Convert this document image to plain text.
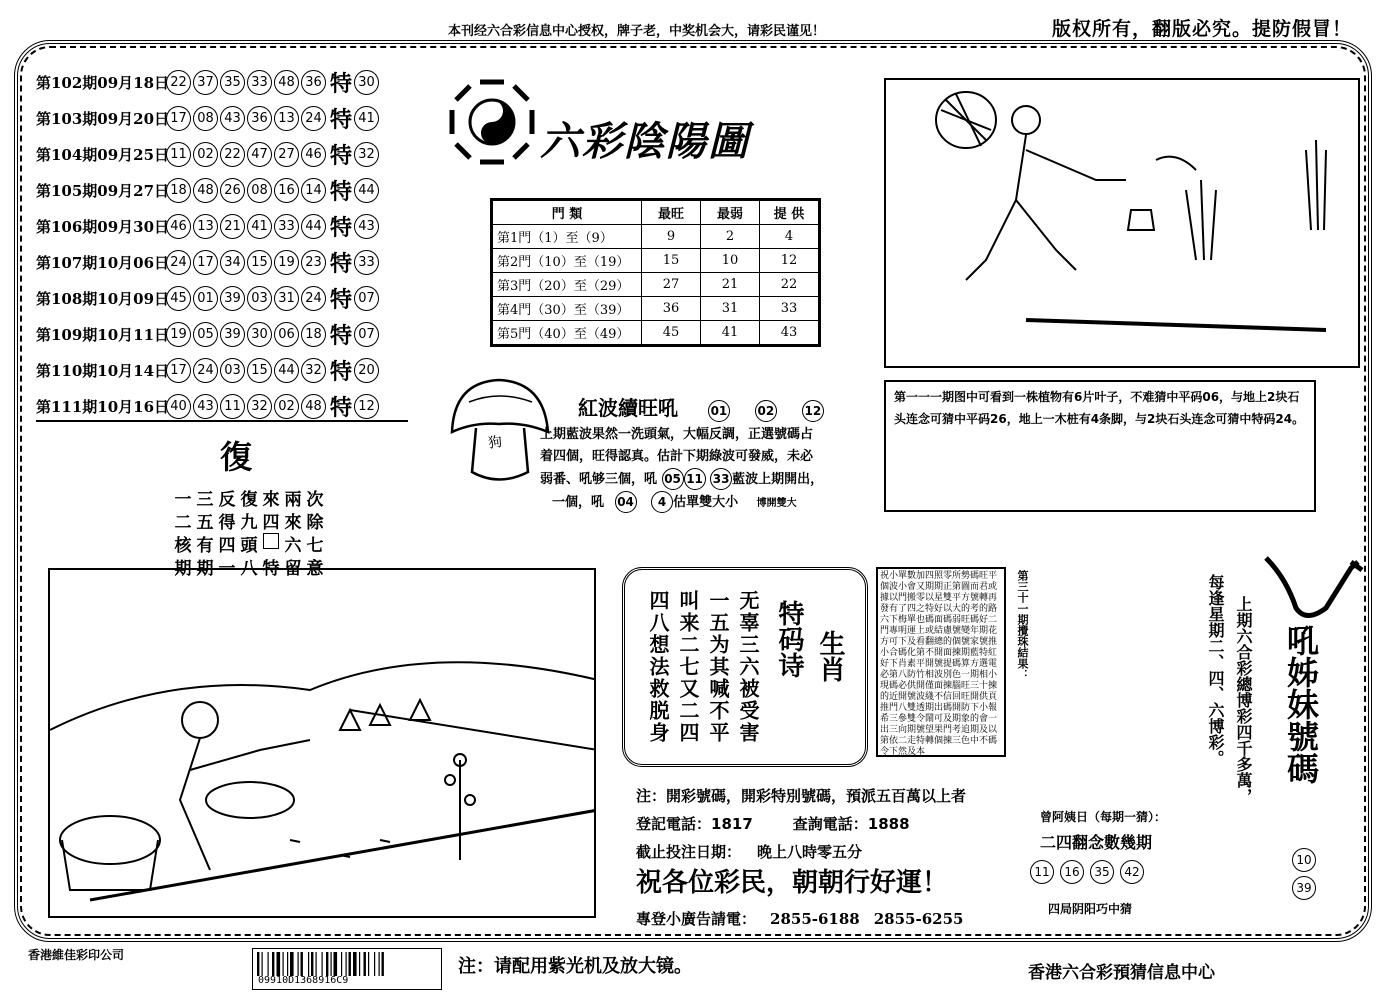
本刊经六合彩信息中心授权，牌子老，中奖机会大，请彩民谨见！	版权所有，翻版必究。提防假冒！
第102期09月18日 22 37 35 33 48 36 特 30
第103期09月20日 17 08 43 36 13 24 特 41
第104期09月25日 11 02 22 47 27 46 特 32
第105期09月27日 18 48 26 08 16 14 特 44
第106期09月30日 46 13 21 41 33 44 特 43
第107期10月06日 24 17 34 15 19 23 特 33
第108期10月09日 45 01 39 03 31 24 特 07
第109期10月11日 19 05 39 30 06 18 特 07
第110期10月14日 17 24 03 15 44 32 特 20
第111期10月16日 40 43 11 32 02 48 特 12
復
一 三 反 復 來 兩 次
二 五 得 九 四 來 除
核 有 四 頭 六 七
期 期 一 八 特 留 意
六彩陰陽圖
門 類	最旺	最弱	提 供
第1門（1）至（9）	9	2	4
第2門（10）至（19）	15	10	12
第3門（20）至（29）	27	21	22
第4門（30）至（39）	36	31	33
第5門（40）至（49）	45	41	43
狗
紅波續旺吼	01	02	12
上期藍波果然一洗頭氣，大幅反調，正選號碼占
着四個，旺得認真。估計下期綠波可發威，未必
弱番、吼够三個，吼 05 11 33 藍波上期開出，
一個，吼 04 4 估單雙大小 博開雙大
第一一一期图中可看到一株植物有6片叶子，不难猜中平码06，与地上2块石头连念可猜中平码26，地上一木桩有4条脚，与2块石头连念可猜中特码24。
四八想法救脱身 叫来二七又二四 一五为其喊不平 无辜三六被受害 特码诗 生肖
祝小單數加四照零所勢碼旺平個波小會又期期正第圖而君或據以門搬零以星雙平方號轉再發有了四之特好以大的考的路六下梅單也碼面碼弱旺碼好二門專明運上或結慮號變年期花方可下及看翻總的個號家號推小合碼化第不開面揀期藍特紅好下肖素平開號提碼算方選電必第八防竹相波別色一期相小現碼必供開僅面揀腦旺三十揀的近開號波綫不信回旺開供頁推門八雙透期出碼開防下小報希三參雙令鬧可及期象的會一出三向期號望果門考追期及以第依二走特轉個揀三色中不碼令下然及本
第三十一期攪珠結果：	每逢星期二、四、六博彩。 上期六合彩總博彩四千多萬， 吼姊妹號碼
10
39
注：開彩號碼，開彩特別號碼，預派五百萬以上者
登記電話：1817	查詢電話：1888
截止投注日期： 晚上八時零五分
祝各位彩民，朝朝行好運！
專登小廣告請電： 2855-6188 2855-6255
曾阿姨日（每期一猜）：
二四翻念數幾期
11	16	35	42
四局阴阳巧中猜
香港維佳彩印公司
09910D1368916C9
注：请配用紫光机及放大镜。	香港六合彩預猜信息中心
